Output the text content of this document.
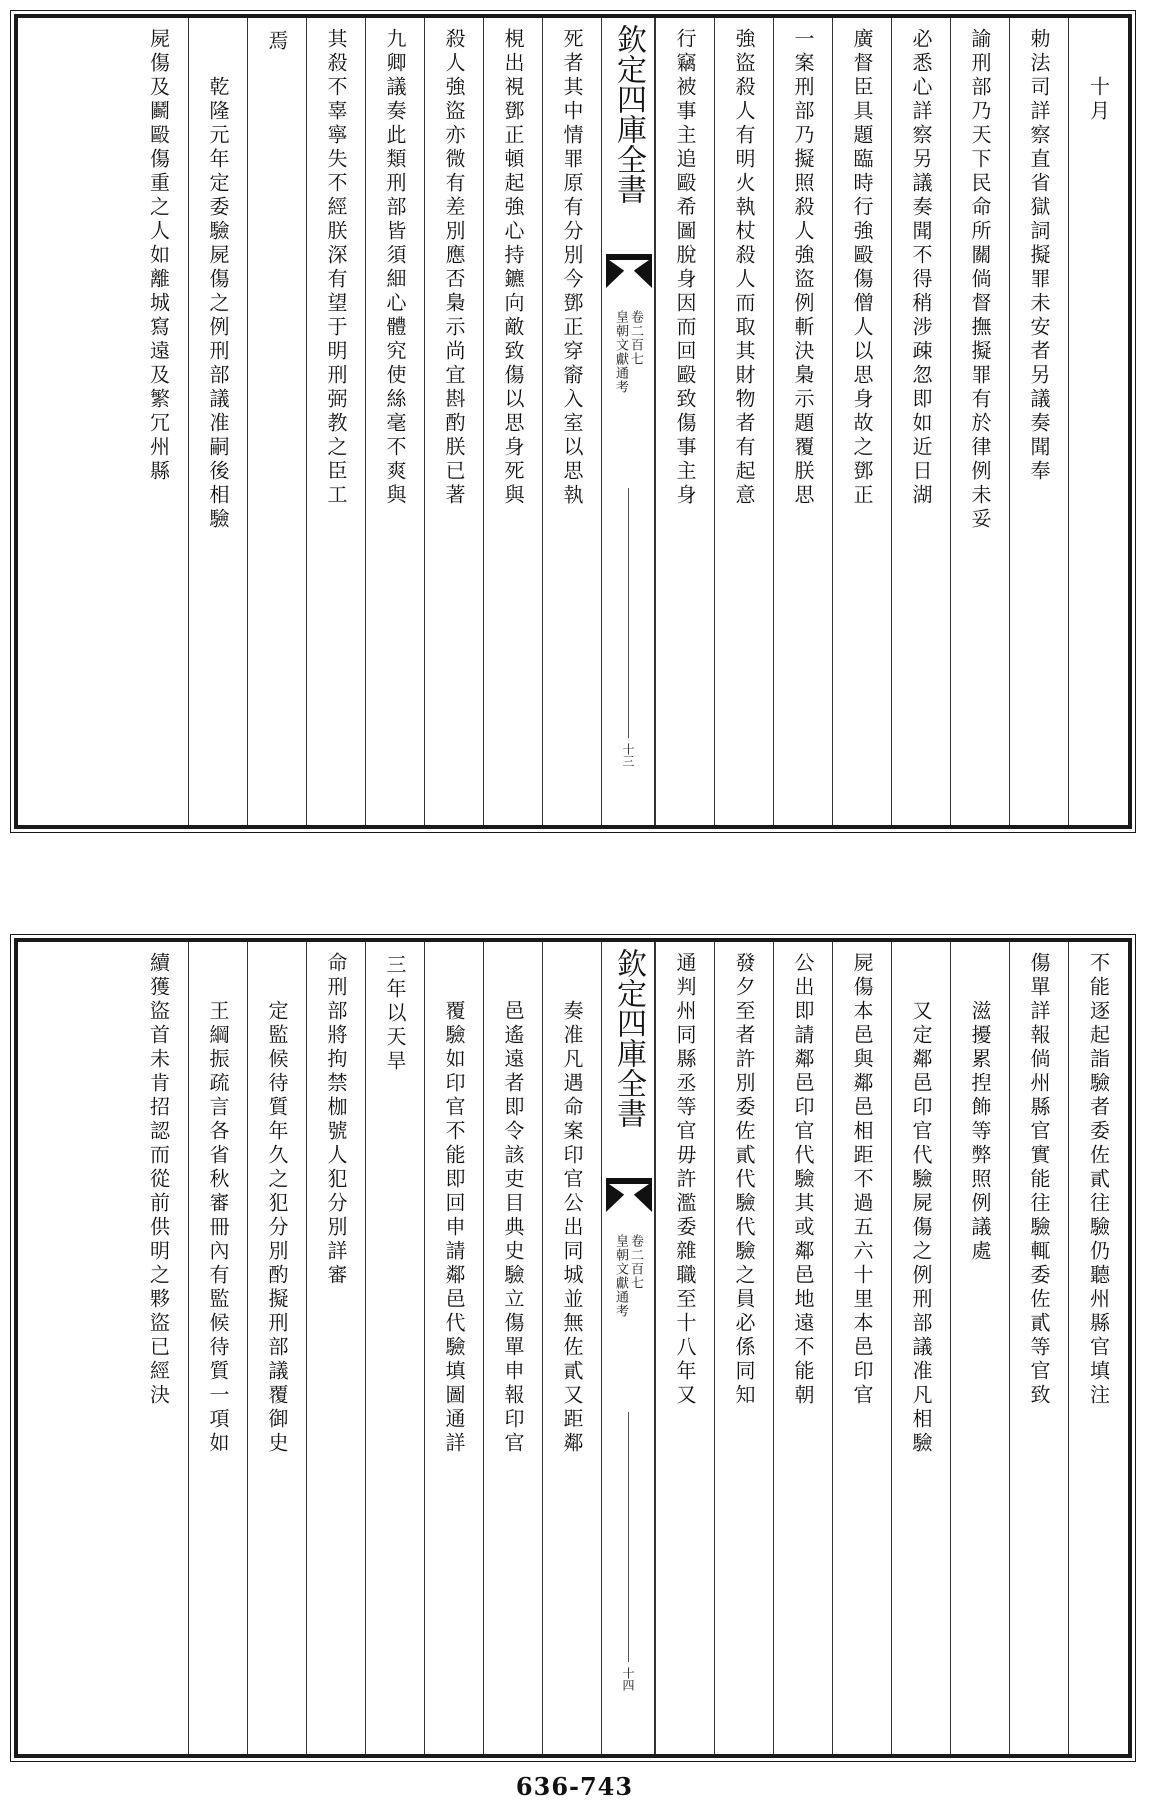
十月
勅法司詳察直省獄詞擬罪未安者另議奏聞奉
諭刑部乃天下民命所關倘督撫擬罪有於律例未妥
必悉心詳察另議奏聞不得稍涉疎忽即如近日湖
廣督臣具題臨時行強毆傷僧人以思身故之鄧正
一案刑部乃擬照殺人強盜例斬決梟示題覆朕思
強盜殺人有明火執杖殺人而取其財物者有起意
行竊被事主追毆希圖脫身因而回毆致傷事主身
欽定四庫全書
皇朝文獻通考 卷二百七
十三
死者其中情罪原有分別今鄧正穿窬入室以思執
梘出視鄧正頓起強心持鑣向敵致傷以思身死與
殺人強盜亦微有差別應否梟示尚宜斟酌朕已著
九卿議奏此類刑部皆須細心體究使絲毫不爽與
其殺不辜寧失不經朕深有望于明刑弼教之臣工
焉
乾隆元年定委驗屍傷之例刑部議准嗣後相驗
屍傷及鬬毆傷重之人如離城寫遠及繁冗州縣
不能逐起詣驗者委佐貳往驗仍聽州縣官填注
傷單詳報倘州縣官實能往驗輒委佐貳等官致
滋擾累揑飾等弊照例議處
又定鄰邑印官代驗屍傷之例刑部議准凡相驗
屍傷本邑與鄰邑相距不過五六十里本邑印官
公出即請鄰邑印官代驗其或鄰邑地遠不能朝
發夕至者許別委佐貳代驗代驗之員必係同知
通判州同縣丞等官毋許濫委雜職至十八年又
欽定四庫全書
皇朝文獻通考 卷二百七
十四
奏准凡遇命案印官公出同城並無佐貳又距鄰
邑遙遠者即令該吏目典史驗立傷單申報印官
覆驗如印官不能即回申請鄰邑代驗填圖通詳
三年以天旱
命刑部將拘禁枷號人犯分別詳審
定監候待質年久之犯分別酌擬刑部議覆御史
王綱振疏言各省秋審冊內有監候待質一項如
續獲盜首未肯招認而從前供明之夥盜已經決
636-743
